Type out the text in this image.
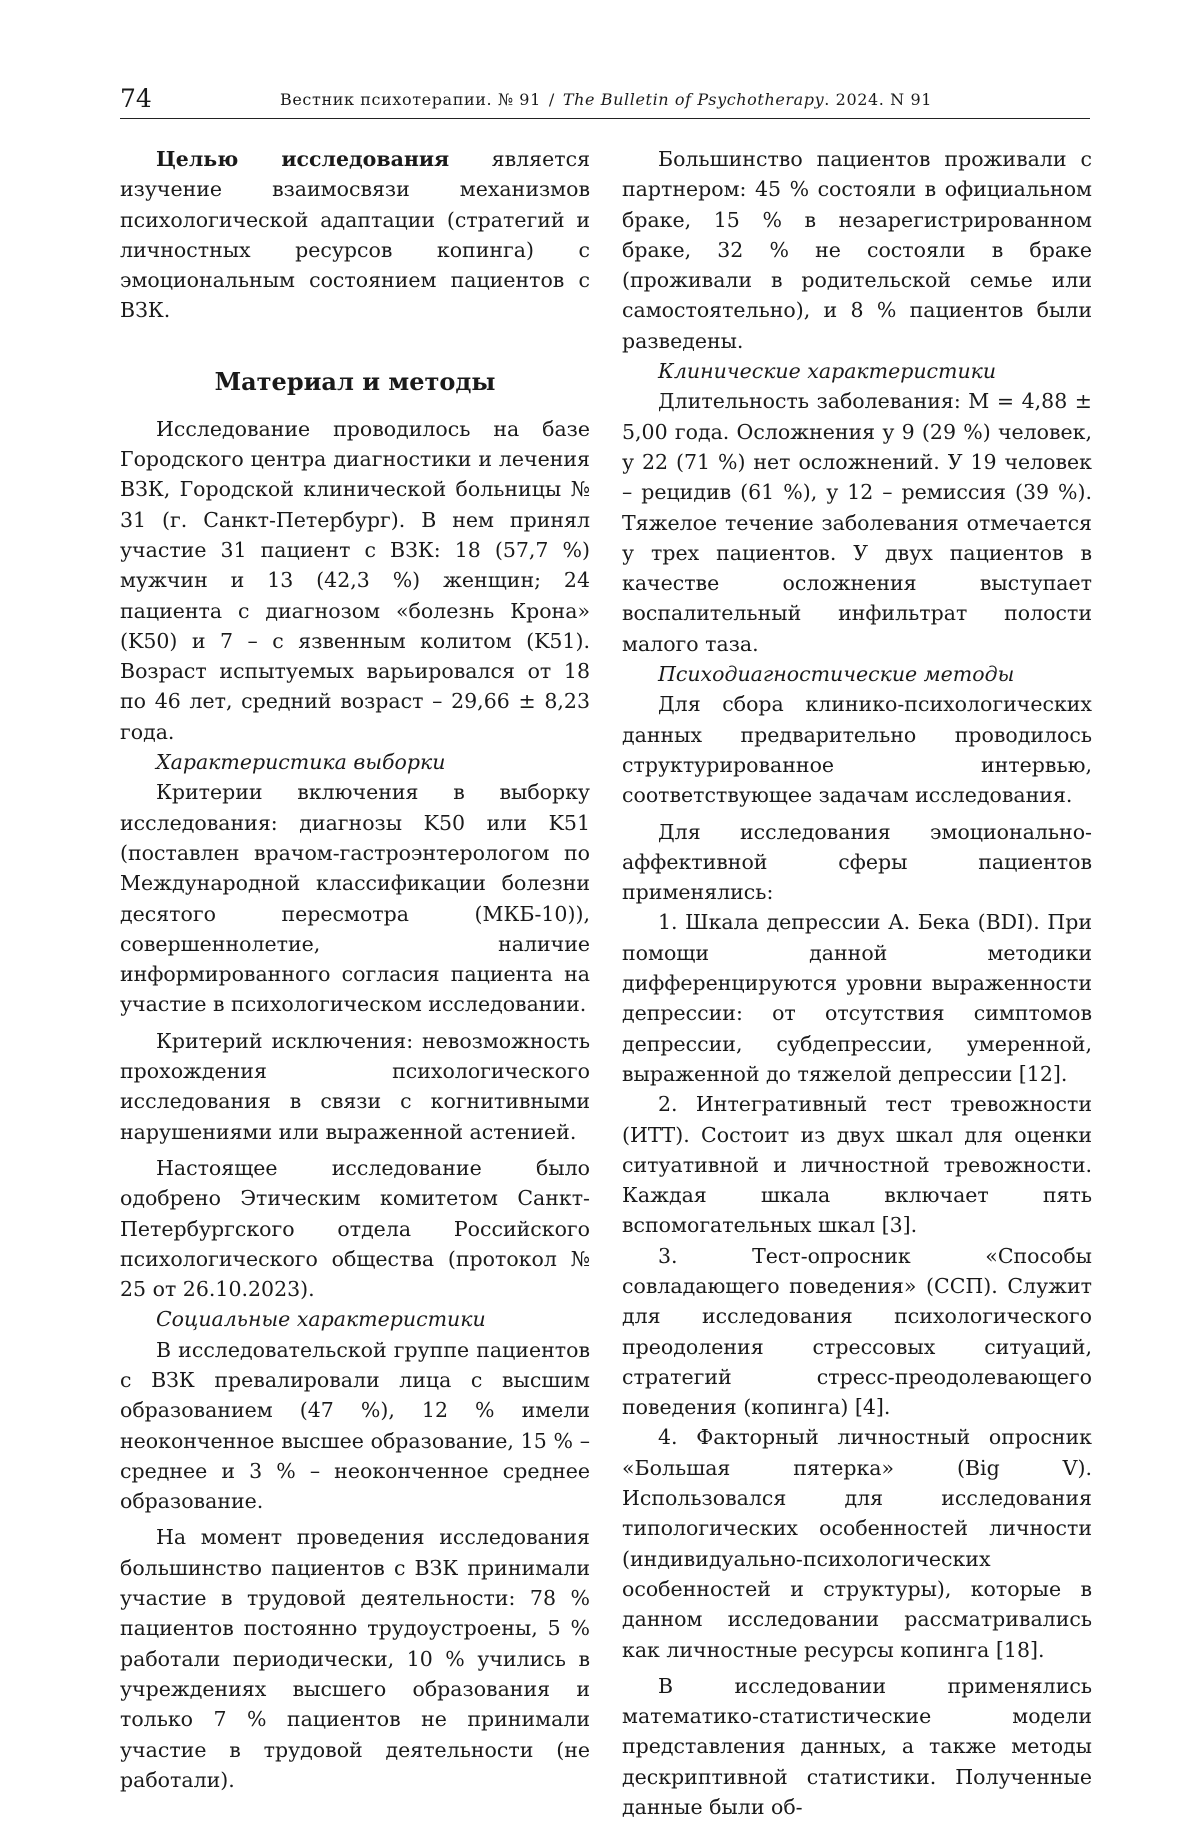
74	Вестник психотерапии. № 91 / The Bulletin of Psychotherapy. 2024. N 91

Целью исследования является изучение взаимосвязи механизмов психологической адаптации (стратегий и личностных ресурсов копинга) с эмоциональным состоянием пациентов с ВЗК.

Материал и методы

Исследование проводилось на базе Городского центра диагностики и лечения ВЗК, Городской клинической больницы № 31 (г. Санкт-Петербург). В нем принял участие 31 пациент с ВЗК: 18 (57,7 %) мужчин и 13 (42,3 %) женщин; 24 пациента с диагнозом «болезнь Крона» (K50) и 7 – с язвенным колитом (K51). Возраст испытуемых варьировался от 18 по 46 лет, средний возраст – 29,66 ± 8,23 года.

Характеристика выборки

Критерии включения в выборку исследования: диагнозы K50 или K51 (поставлен врачом-гастроэнтерологом по Международной классификации болезни десятого пересмотра (МКБ-10)), совершеннолетие, наличие информированного согласия пациента на участие в психологическом исследовании.

Критерий исключения: невозможность прохождения психологического исследования в связи с когнитивными нарушениями или выраженной астенией.

Настоящее исследование было одобрено Этическим комитетом Санкт-Петербургского отдела Российского психологического общества (протокол № 25 от 26.10.2023).

Социальные характеристики

В исследовательской группе пациентов с ВЗК превалировали лица с высшим образованием (47 %), 12 % имели неоконченное высшее образование, 15 % – среднее и 3 % – неоконченное среднее образование.

На момент проведения исследования большинство пациентов с ВЗК принимали участие в трудовой деятельности: 78 % пациентов постоянно трудоустроены, 5 % работали периодически, 10 % учились в учреждениях высшего образования и только 7 % пациентов не принимали участие в трудовой деятельности (не работали).

Большинство пациентов проживали с партнером: 45 % состояли в официальном браке, 15 % в незарегистрированном браке, 32 % не состояли в браке (проживали в родительской семье или самостоятельно), и 8 % пациентов были разведены.

Клинические характеристики

Длительность заболевания: M = 4,88 ± 5,00 года. Осложнения у 9 (29 %) человек, у 22 (71 %) нет осложнений. У 19 человек – рецидив (61 %), у 12 – ремиссия (39 %). Тяжелое течение заболевания отмечается у трех пациентов. У двух пациентов в качестве осложнения выступает воспалительный инфильтрат полости малого таза.

Психодиагностические методы

Для сбора клинико-психологических данных предварительно проводилось структурированное интервью, соответствующее задачам исследования.

Для исследования эмоционально-аффективной сферы пациентов применялись:

1. Шкала депрессии А. Бека (BDI). При помощи данной методики дифференцируются уровни выраженности депрессии: от отсутствия симптомов депрессии, субдепрессии, умеренной, выраженной до тяжелой депрессии [12].

2. Интегративный тест тревожности (ИТТ). Состоит из двух шкал для оценки ситуативной и личностной тревожности. Каждая шкала включает пять вспомогательных шкал [3].

3. Тест-опросник «Способы совладающего поведения» (ССП). Служит для исследования психологического преодоления стрессовых ситуаций, стратегий стресс-преодолевающего поведения (копинга) [4].

4. Факторный личностный опросник «Большая пятерка» (Big V). Использовался для исследования типологических особенностей личности (индивидуально-психологических особенностей и структуры), которые в данном исследовании рассматривались как личностные ресурсы копинга [18].

В исследовании применялись математико-статистические модели представления данных, а также методы дескриптивной статистики. Полученные данные были об-
